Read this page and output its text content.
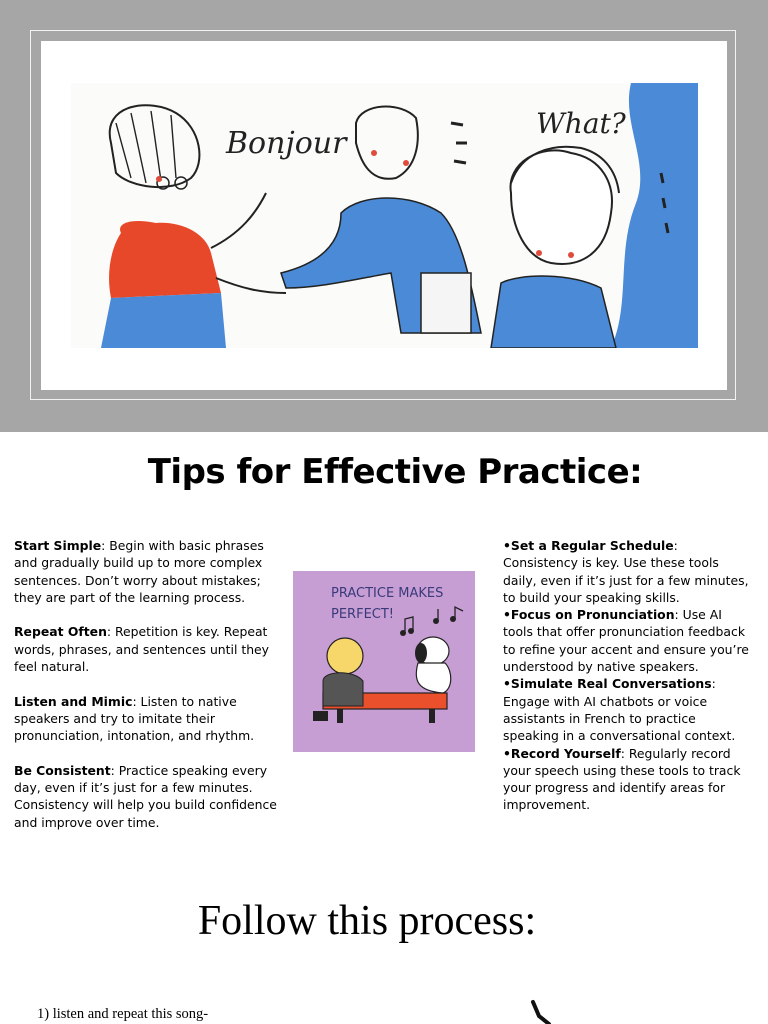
Bonjour
What?
Tips for Effective Practice:

Start Simple: Begin with basic phrases and gradually build up to more complex sentences. Don’t worry about mistakes; they are part of the learning process.

Repeat Often: Repetition is key. Repeat words, phrases, and sentences until they feel natural.

Listen and Mimic: Listen to native speakers and try to imitate their pronunciation, intonation, and rhythm.

Be Consistent: Practice speaking every day, even if it’s just for a few minutes. Consistency will help you build confidence and improve over time.

PRACTICE MAKES PERFECT!

•Set a Regular Schedule: Consistency is key. Use these tools daily, even if it’s just for a few minutes, to build your speaking skills.

•Focus on Pronunciation: Use AI tools that offer pronunciation feedback to refine your accent and ensure you’re understood by native speakers.

•Simulate Real Conversations: Engage with AI chatbots or voice assistants in French to practice speaking in a conversational context.

•Record Yourself: Regularly record your speech using these tools to track your progress and identify areas for improvement.

Follow this process:
1) listen and repeat this song-
